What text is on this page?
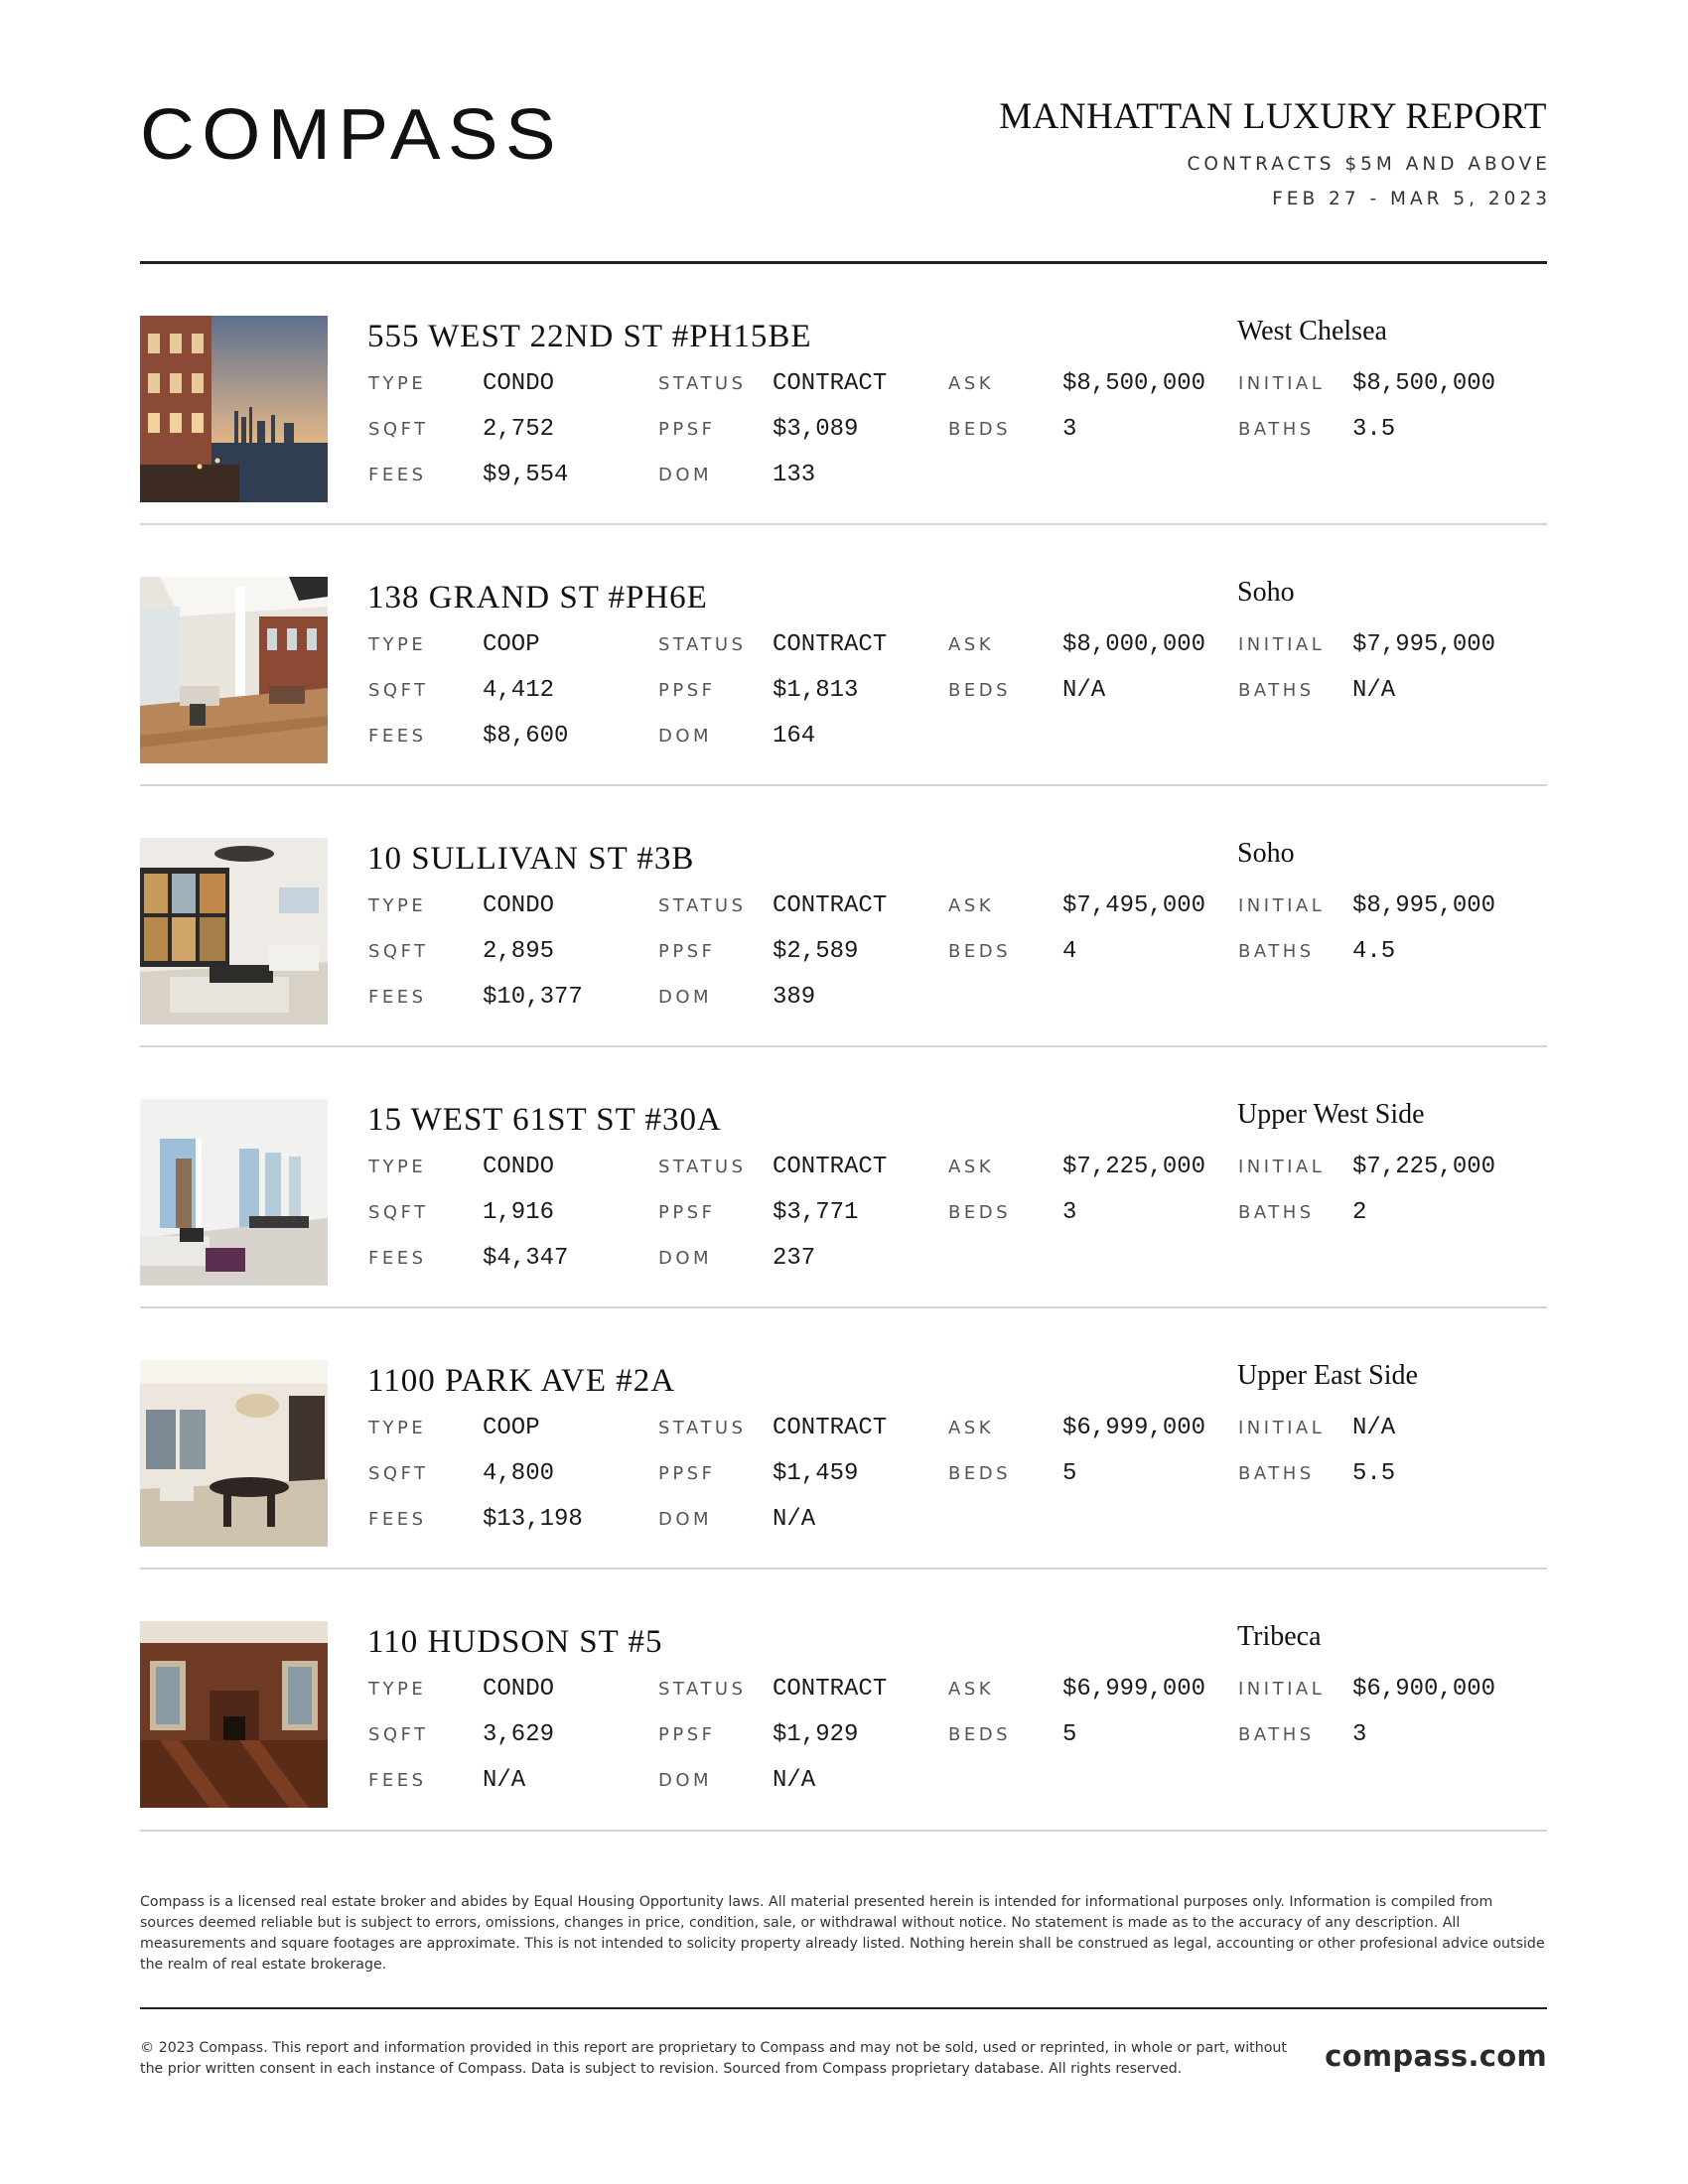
COMPASS	MANHATTAN LUXURY REPORT
CONTRACTS $5M AND ABOVE
FEB 27 - MAR 5, 2023
555 WEST 22ND ST #PH15BE	West Chelsea
TYPE CONDO	STATUS CONTRACT	ASK	$8,500,000 INITIAL $8,500,000
SQFT 2,752	PPSF $3,089	BEDS 3	BATHS 3.5
FEES $9,554	DOM	133
138 GRAND ST #PH6E	Soho
TYPE COOP	STATUS CONTRACT	ASK	$8,000,000 INITIAL $7,995,000
SQFT 4,412	PPSF $1,813	BEDS N/A	BATHS N/A
FEES $8,600	DOM	164
10 SULLIVAN ST #3B	Soho
TYPE CONDO	STATUS CONTRACT	ASK	$7,495,000 INITIAL $8,995,000
SQFT 2,895	PPSF $2,589	BEDS 4	BATHS 4.5
FEES $10,377	DOM	389
15 WEST 61ST ST #30A	Upper West Side
TYPE CONDO	STATUS CONTRACT	ASK	$7,225,000 INITIAL $7,225,000
SQFT 1,916	PPSF $3,771	BEDS 3	BATHS 2
FEES $4,347	DOM	237
1100 PARK AVE #2A	Upper East Side
TYPE COOP	STATUS CONTRACT	ASK	$6,999,000 INITIAL N/A
SQFT 4,800	PPSF $1,459	BEDS 5	BATHS 5.5
FEES $13,198	DOM	N/A
110 HUDSON ST #5	Tribeca
TYPE CONDO	STATUS CONTRACT	ASK	$6,999,000 INITIAL $6,900,000
SQFT 3,629	PPSF $1,929	BEDS 5	BATHS 3
FEES N/A	DOM	N/A
Compass is a licensed real estate broker and abides by Equal Housing Opportunity laws. All material presented herein is intended for informational purposes only. Information is compiled from sources deemed reliable but is subject to errors, omissions, changes in price, condition, sale, or withdrawal without notice. No statement is made as to the accuracy of any description. All measurements and square footages are approximate. This is not intended to solicity property already listed. Nothing herein shall be construed as legal, accounting or other profesional advice outside the realm of real estate brokerage.
© 2023 Compass. This report and information provided in this report are proprietary to Compass and may not be sold, used or reprinted, in whole or part, without the prior written consent in each instance of Compass. Data is subject to revision. Sourced from Compass proprietary database. All rights reserved.	compass.com
